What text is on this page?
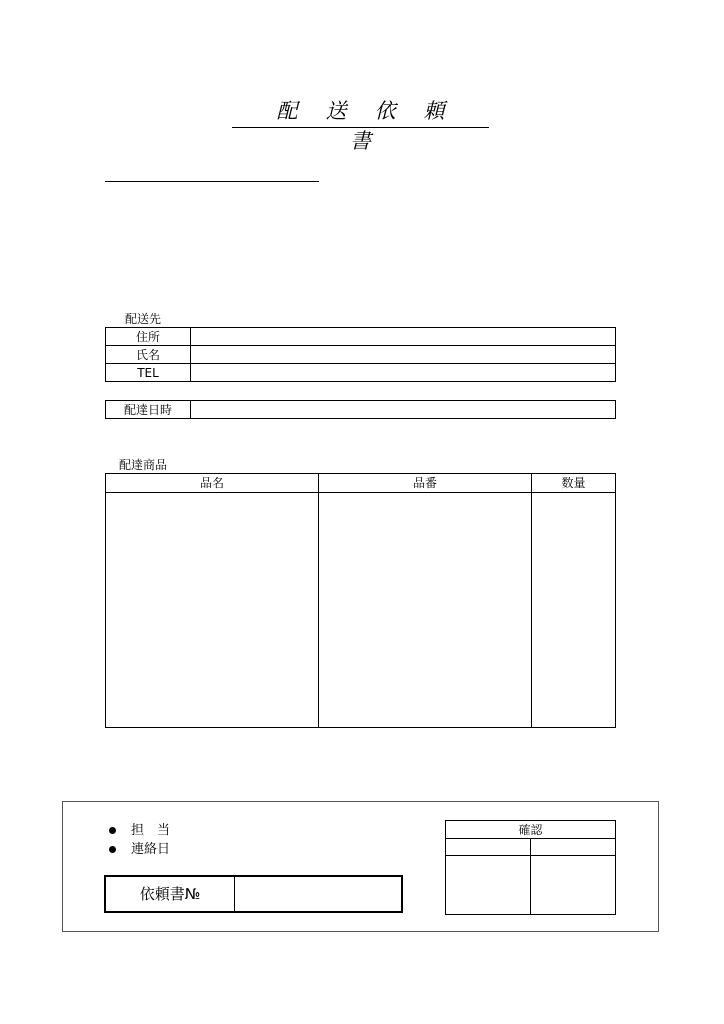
配送依頼書
配送先
住所	
氏名	
TEL	
配達日時	
配達商品
品名	品番	数量

担　当
連絡日
依頼書№
確認	
